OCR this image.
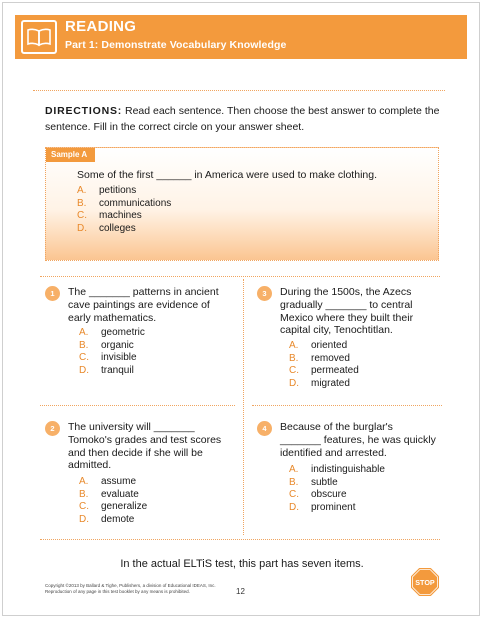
READING
Part 1: Demonstrate Vocabulary Knowledge
DIRECTIONS: Read each sentence. Then choose the best answer to complete the sentence. Fill in the correct circle on your answer sheet.
Sample A
Some of the first ______ in America were used to make clothing.
A. petitions
B. communications
C. machines
D. colleges
1	The _______ patterns in ancient
cave paintings are evidence of
early mathematics.
A. geometric
B. organic
C. invisible
D. tranquil
3	During the 1500s, the Azecs
gradually _______ to central
Mexico where they built their
capital city, Tenochtitlan.
A. oriented
B. removed
C. permeated
D. migrated
2	The university will _______
Tomoko's grades and test scores
and then decide if she will be
admitted.
A. assume
B. evaluate
C. generalize
D. demote
4	Because of the burglar's
_______ features, he was quickly
identified and arrested.
A. indistinguishable
B. subtle
C. obscure
D. prominent
In the actual ELTiS test, this part has seven items.
Copyright ©2013 by Ballard & Tighe, Publishers, a division of Educational IDEAS, Inc.
Reproduction of any page in this test booklet by any means is prohibited.	12
STOP
